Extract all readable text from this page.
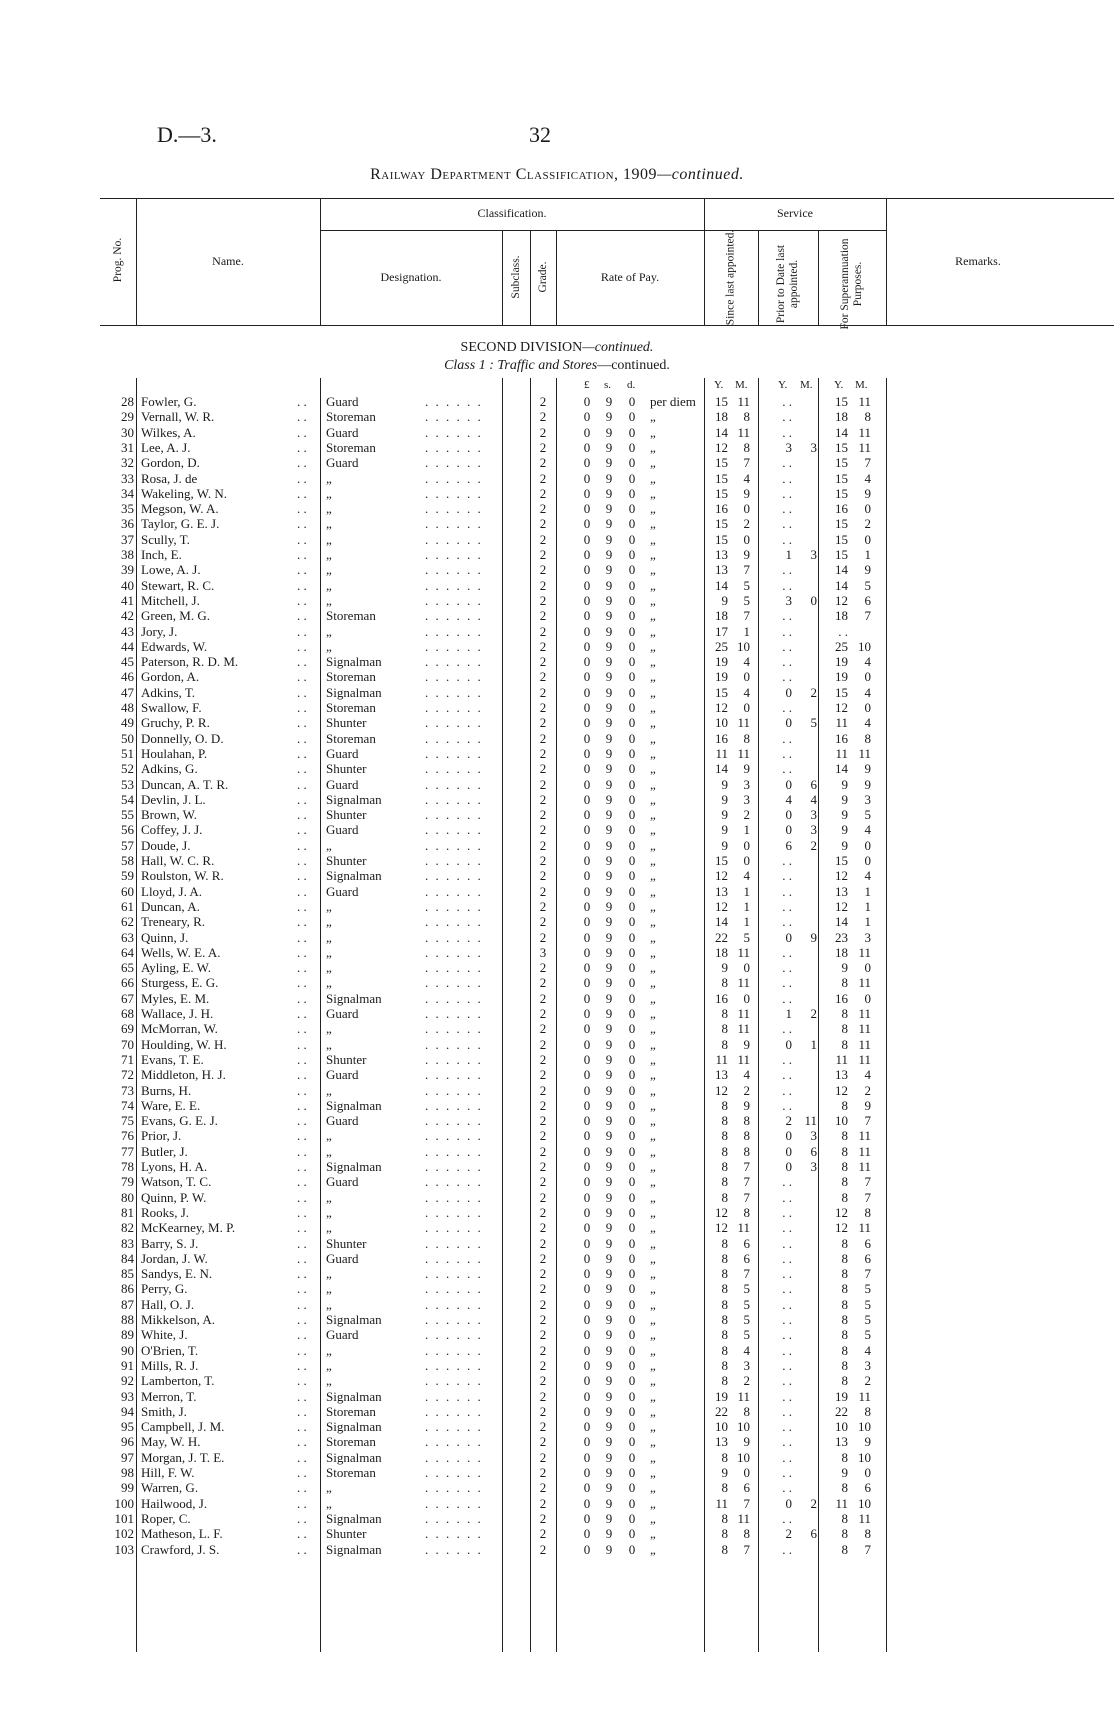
D.—3.	32
Railway Department Classification, 1909—continued.
Prog. No.	Name.
Classification.
Designation.	Subclass. Grade.	Rate of Pay.
Service
Since last appointed.	Prior to Date last appointed.	For Superannuation Purposes.
Remarks.
SECOND DIVISION—continued.
Class 1 : Traffic and Stores—continued.
£ s. d.	Y. M.	Y. M. Y. M.
28 Fowler, G.	. .	Guard	. . . . . .	2	0 9 0 per diem	15 11	. .	15 11
29 Vernall, W. R.	. .	Storeman	. . . . . .	2	0 9 0 „	18	8	. .	18	8
30 Wilkes, A.	. .	Guard	. . . . . .	2	0 9 0 „	14 11	. .	14 11
31 Lee, A. J.	. .	Storeman	. . . . . .	2	0 9 0 „	12	8	3	3	15 11
32 Gordon, D.	. .	Guard	. . . . . .	2	0 9 0 „	15	7	. .	15	7
33 Rosa, J. de	. .	„	. . . . . .	2	0 9 0 „	15	4	. .	15	4
34 Wakeling, W. N.	. .	„	. . . . . .	2	0 9 0 „	15	9	. .	15	9
35 Megson, W. A.	. .	„	. . . . . .	2	0 9 0 „	16	0	. .	16	0
36 Taylor, G. E. J.	. .	„	. . . . . .	2	0 9 0 „	15	2	. .	15	2
37 Scully, T.	. .	„	. . . . . .	2	0 9 0 „	15	0	. .	15	0
38 Inch, E.	. .	„	. . . . . .	2	0 9 0 „	13	9	1	3	15	1
39 Lowe, A. J.	. .	„	. . . . . .	2	0 9 0 „	13	7	. .	14	9
40 Stewart, R. C.	. .	„	. . . . . .	2	0 9 0 „	14	5	. .	14	5
41 Mitchell, J.	. .	„	. . . . . .	2	0 9 0 „	9	5	3	0	12	6
42 Green, M. G.	. .	Storeman	. . . . . .	2	0 9 0 „	18	7	. .	18	7
43 Jory, J.	. .	„	. . . . . .	2	0 9 0 „	17	1	. .	. .
44 Edwards, W.	. .	„	. . . . . .	2	0 9 0 „	25 10	. .	25 10
45 Paterson, R. D. M.	. .	Signalman	. . . . . .	2	0 9 0 „	19	4	. .	19	4
46 Gordon, A.	. .	Storeman	. . . . . .	2	0 9 0 „	19	0	. .	19	0
47 Adkins, T.	. .	Signalman	. . . . . .	2	0 9 0 „	15	4	0	2	15	4
48 Swallow, F.	. .	Storeman	. . . . . .	2	0 9 0 „	12	0	. .	12	0
49 Gruchy, P. R.	. .	Shunter	. . . . . .	2	0 9 0 „	10 11	0	5	11	4
50 Donnelly, O. D.	. .	Storeman	. . . . . .	2	0 9 0 „	16	8	. .	16	8
51 Houlahan, P.	. .	Guard	. . . . . .	2	0 9 0 „	11 11	. .	11 11
52 Adkins, G.	. .	Shunter	. . . . . .	2	0 9 0 „	14	9	. .	14	9
53 Duncan, A. T. R.	. .	Guard	. . . . . .	2	0 9 0 „	9	3	0	6	9	9
54 Devlin, J. L.	. .	Signalman	. . . . . .	2	0 9 0 „	9	3	4	4	9	3
55 Brown, W.	. .	Shunter	. . . . . .	2	0 9 0 „	9	2	0	3	9	5
56 Coffey, J. J.	. .	Guard	. . . . . .	2	0 9 0 „	9	1	0	3	9	4
57 Doude, J.	. .	„	. . . . . .	2	0 9 0 „	9	0	6	2	9	0
58 Hall, W. C. R.	. .	Shunter	. . . . . .	2	0 9 0 „	15	0	. .	15	0
59 Roulston, W. R.	. .	Signalman	. . . . . .	2	0 9 0 „	12	4	. .	12	4
60 Lloyd, J. A.	. .	Guard	. . . . . .	2	0 9 0 „	13	1	. .	13	1
61 Duncan, A.	. .	„	. . . . . .	2	0 9 0 „	12	1	. .	12	1
62 Treneary, R.	. .	„	. . . . . .	2	0 9 0 „	14	1	. .	14	1
63 Quinn, J.	. .	„	. . . . . .	2	0 9 0 „	22	5	0	9	23	3
64 Wells, W. E. A.	. .	„	. . . . . .	3	0 9 0 „	18 11	. .	18 11
65 Ayling, E. W.	. .	„	. . . . . .	2	0 9 0 „	9	0	. .	9	0
66 Sturgess, E. G.	. .	„	. . . . . .	2	0 9 0 „	8 11	. .	8 11
67 Myles, E. M.	. .	Signalman	. . . . . .	2	0 9 0 „	16	0	. .	16	0
68 Wallace, J. H.	. .	Guard	. . . . . .	2	0 9 0 „	8 11	1	2	8 11
69 McMorran, W.	. .	„	. . . . . .	2	0 9 0 „	8 11	. .	8 11
70 Houlding, W. H.	. .	„	. . . . . .	2	0 9 0 „	8	9	0	1	8 11
71 Evans, T. E.	. .	Shunter	. . . . . .	2	0 9 0 „	11 11	. .	11 11
72 Middleton, H. J.	. .	Guard	. . . . . .	2	0 9 0 „	13	4	. .	13	4
73 Burns, H.	. .	„	. . . . . .	2	0 9 0 „	12	2	. .	12	2
74 Ware, E. E.	. .	Signalman	. . . . . .	2	0 9 0 „	8	9	. .	8	9
75 Evans, G. E. J.	. .	Guard	. . . . . .	2	0 9 0 „	8	8	2 11	10	7
76 Prior, J.	. .	„	. . . . . .	2	0 9 0 „	8	8	0	3	8 11
77 Butler, J.	. .	„	. . . . . .	2	0 9 0 „	8	8	0	6	8 11
78 Lyons, H. A.	. .	Signalman	. . . . . .	2	0 9 0 „	8	7	0	3	8 11
79 Watson, T. C.	. .	Guard	. . . . . .	2	0 9 0 „	8	7	. .	8	7
80 Quinn, P. W.	. .	„	. . . . . .	2	0 9 0 „	8	7	. .	8	7
81 Rooks, J.	. .	„	. . . . . .	2	0 9 0 „	12	8	. .	12	8
82 McKearney, M. P.	. .	„	. . . . . .	2	0 9 0 „	12 11	. .	12 11
83 Barry, S. J.	. .	Shunter	. . . . . .	2	0 9 0 „	8	6	. .	8	6
84 Jordan, J. W.	. .	Guard	. . . . . .	2	0 9 0 „	8	6	. .	8	6
85 Sandys, E. N.	. .	„	. . . . . .	2	0 9 0 „	8	7	. .	8	7
86 Perry, G.	. .	„	. . . . . .	2	0 9 0 „	8	5	. .	8	5
87 Hall, O. J.	. .	„	. . . . . .	2	0 9 0 „	8	5	. .	8	5
88 Mikkelson, A.	. .	Signalman	. . . . . .	2	0 9 0 „	8	5	. .	8	5
89 White, J.	. .	Guard	. . . . . .	2	0 9 0 „	8	5	. .	8	5
90 O'Brien, T.	. .	„	. . . . . .	2	0 9 0 „	8	4	. .	8	4
91 Mills, R. J.	. .	„	. . . . . .	2	0 9 0 „	8	3	. .	8	3
92 Lamberton, T.	. .	„	. . . . . .	2	0 9 0 „	8	2	. .	8	2
93 Merron, T.	. .	Signalman	. . . . . .	2	0 9 0 „	19 11	. .	19 11
94 Smith, J.	. .	Storeman	. . . . . .	2	0 9 0 „	22	8	. .	22	8
95 Campbell, J. M.	. .	Signalman	. . . . . .	2	0 9 0 „	10 10	. .	10 10
96 May, W. H.	. .	Storeman	. . . . . .	2	0 9 0 „	13	9	. .	13	9
97 Morgan, J. T. E.	. .	Signalman	. . . . . .	2	0 9 0 „	8 10	. .	8 10
98 Hill, F. W.	. .	Storeman	. . . . . .	2	0 9 0 „	9	0	. .	9	0
99 Warren, G.	. .	„	. . . . . .	2	0 9 0 „	8	6	. .	8	6
100 Hailwood, J.	. .	„	. . . . . .	2	0 9 0 „	11	7	0	2	11 10
101 Roper, C.	. .	Signalman	. . . . . .	2	0 9 0 „	8 11	. .	8 11
102 Matheson, L. F.	. .	Shunter	. . . . . .	2	0 9 0 „	8	8	2	6	8	8
103 Crawford, J. S.	. .	Signalman	. . . . . .	2	0 9 0 „	8	7	. .	8	7
